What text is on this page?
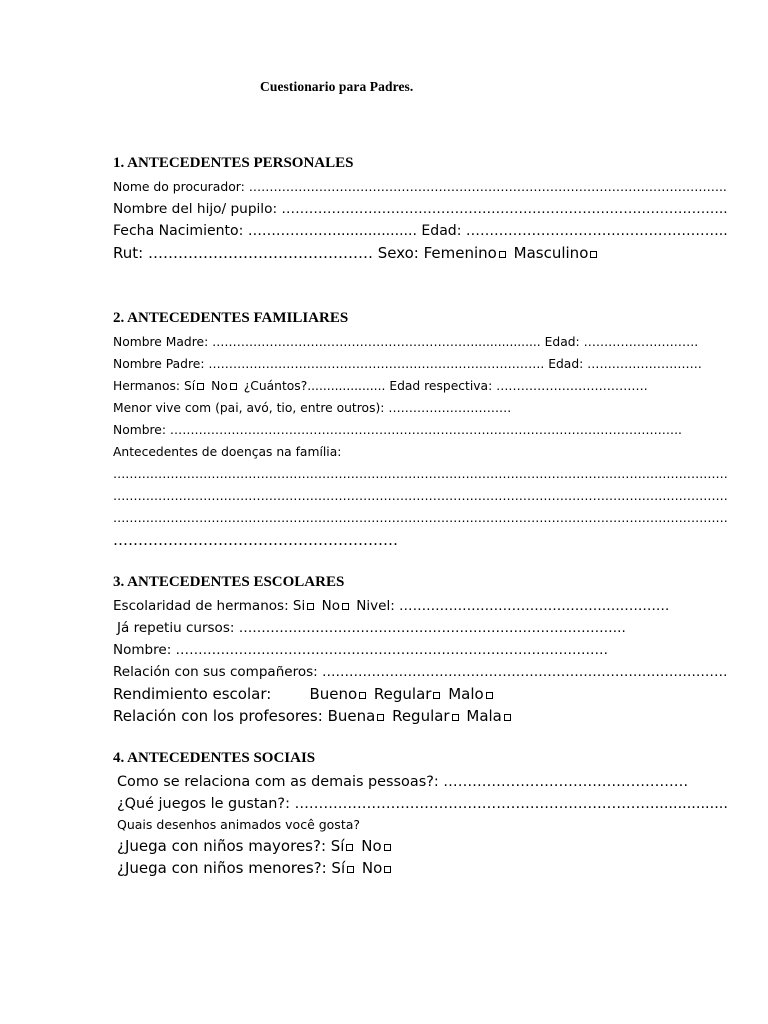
Cuestionario para Padres.
1. ANTECEDENTES PERSONALES
Nome do procurador: ……………………………………………………………………………………………………..
Nombre del hijo/ pupilo: ……………………………………………………………………………………..
Fecha Nacimiento: ………………................... Edad: ………………………………………………..
Rut: ……………………………………… Sexo: Femenino Masculino
2. ANTECEDENTES FAMILIARES
Nombre Madre: ……………………………………………………….................. Edad: ……………………….
Nombre Padre: ………………………………………………………………………. Edad: ……………………….
Hermanos: Sí No ¿Cuántos?.................... Edad respectiva: ……………………………….
Menor vive com (pai, avó, tio, entre outros): …………………………
Nombre: ……………………………………………………………………………………………………………..
Antecedentes de doenças na família:
……………………………………………………………………………………………………………………………………
……………………………………………………………………………………………………………………………………
……………………………………………………………………………………………………………………………………
…………………………………………………
3. ANTECEDENTES ESCOLARES
Escolaridad de hermanos: Si No Nivel: ……………………………………………………
Já repetiu cursos: …………………………………………………………………………..
Nombre: ……………………………………………………………………………………
Relación con sus compañeros: ………………………………………………………………………………
Rendimiento escolar:        Bueno Regular Malo
Relación con los profesores: Buena Regular Mala
4. ANTECEDENTES SOCIAIS
Como se relaciona com as demais pessoas?: ……………………………………………
¿Qué juegos le gustan?: …………………………………………………………………................
Quais desenhos animados você gosta?
¿Juega con niños mayores?: Sí No
¿Juega con niños menores?: Sí No
